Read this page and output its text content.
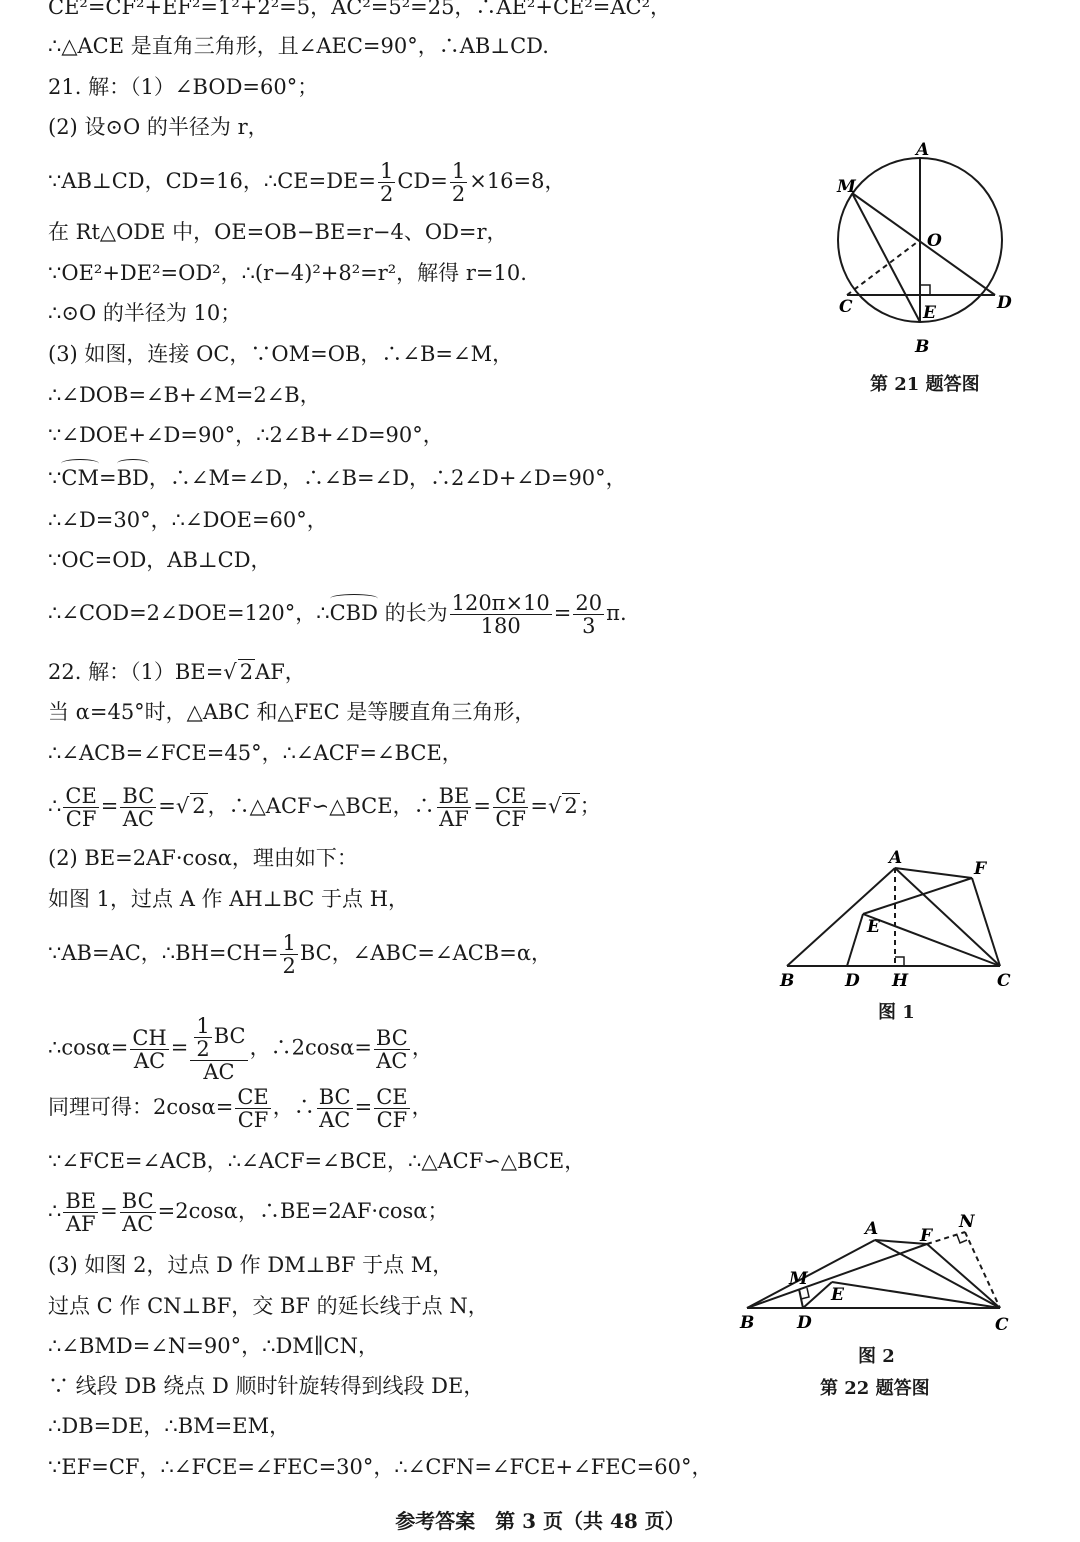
CE²=CF²+EF²=1²+2²=5，AC²=5²=25，∴AE²+CE²=AC²，
∴△ACE 是直角三角形，且∠AEC=90°，∴AB⊥CD.
21. 解：（1）∠BOD=60°；
(2) 设⊙O 的半径为 r，
∵AB⊥CD，CD=16，∴CE=DE= $\frac{1}{2} CD= \frac{1}{2} \times 16=8$，
在 Rt△ODE 中，OE=OB−BE=r−4、OD=r，
∵OE²+DE²=OD²，∴(r−4)²+8²=r²，解得 r=10.
∴⊙O 的半径为 10；
(3) 如图，连接 OC，∵OM=OB，∴∠B=∠M，
∴∠DOB=∠B+∠M=2∠B，
∵∠DOE+∠D=90°，∴2∠B+∠D=90°，
∵CM=BD，∴∠M=∠D，∴∠B=∠D，∴2∠D+∠D=90°，
∴∠D=30°，∴∠DOE=60°，
∵OC=OD，AB⊥CD，
∴∠COD=2∠DOE=120°，∴CBD 的长为 $\frac{120\pi\times 10}{180} = \frac{20}{3} \pi$.
22. 解：（1）BE=√ 2AF，
当 α=45°时，△ABC 和△FEC 是等腰直角三角形，
∴∠ACB=∠FCE=45°，∴∠ACF=∠BCE，
∴ $\frac{CE}{CF} = \frac{BC}{AC}$ =√ 2，∴△ACF∽△BCE，∴ $\frac{BE}{AF} = \frac{CE}{CF}$ =√ 2；
(2) BE=2AF·cosα，理由如下：
如图 1，过点 A 作 AH⊥BC 于点 H，
∵AB=AC，∴BH=CH= $\frac{1}{2}$ BC，∠ABC=∠ACB=α，
∴cosα= $\frac{CH}{AC} = \frac{\frac{1}{2} BC}{AC}$ ，∴2cosα= $\frac{BC}{AC}$ ，
同理可得：$2\cos\alpha= \frac{CE}{CF}$ ，∴ $\frac{BC}{AC} = \frac{CE}{CF}$ ，
∵∠FCE=∠ACB，∴∠ACF=∠BCE，∴△ACF∽△BCE，
∴ $\frac{BE}{AF} = \frac{BC}{AC} =2\cos\alpha$，∴BE=2AF·cosα；
(3) 如图 2，过点 D 作 DM⊥BF 于点 M，
过点 C 作 CN⊥BF，交 BF 的延长线于点 N，
∴∠BMD=∠N=90°，∴DM∥CN，
∵ 线段 DB 绕点 D 顺时针旋转得到线段 DE，
∴DB=DE，∴BM=EM，
∵EF=CF，∴∠FCE=∠FEC=30°，∴∠CFN=∠FCE+∠FEC=60°，
A
M
O
C	E	D
B
第 21 题答图
A
F
E
B	D H	C
图 1
A F
N
M
E
B	D	C
图 2
第 22 题答图
参考答案　第 3 页（共 48 页）
